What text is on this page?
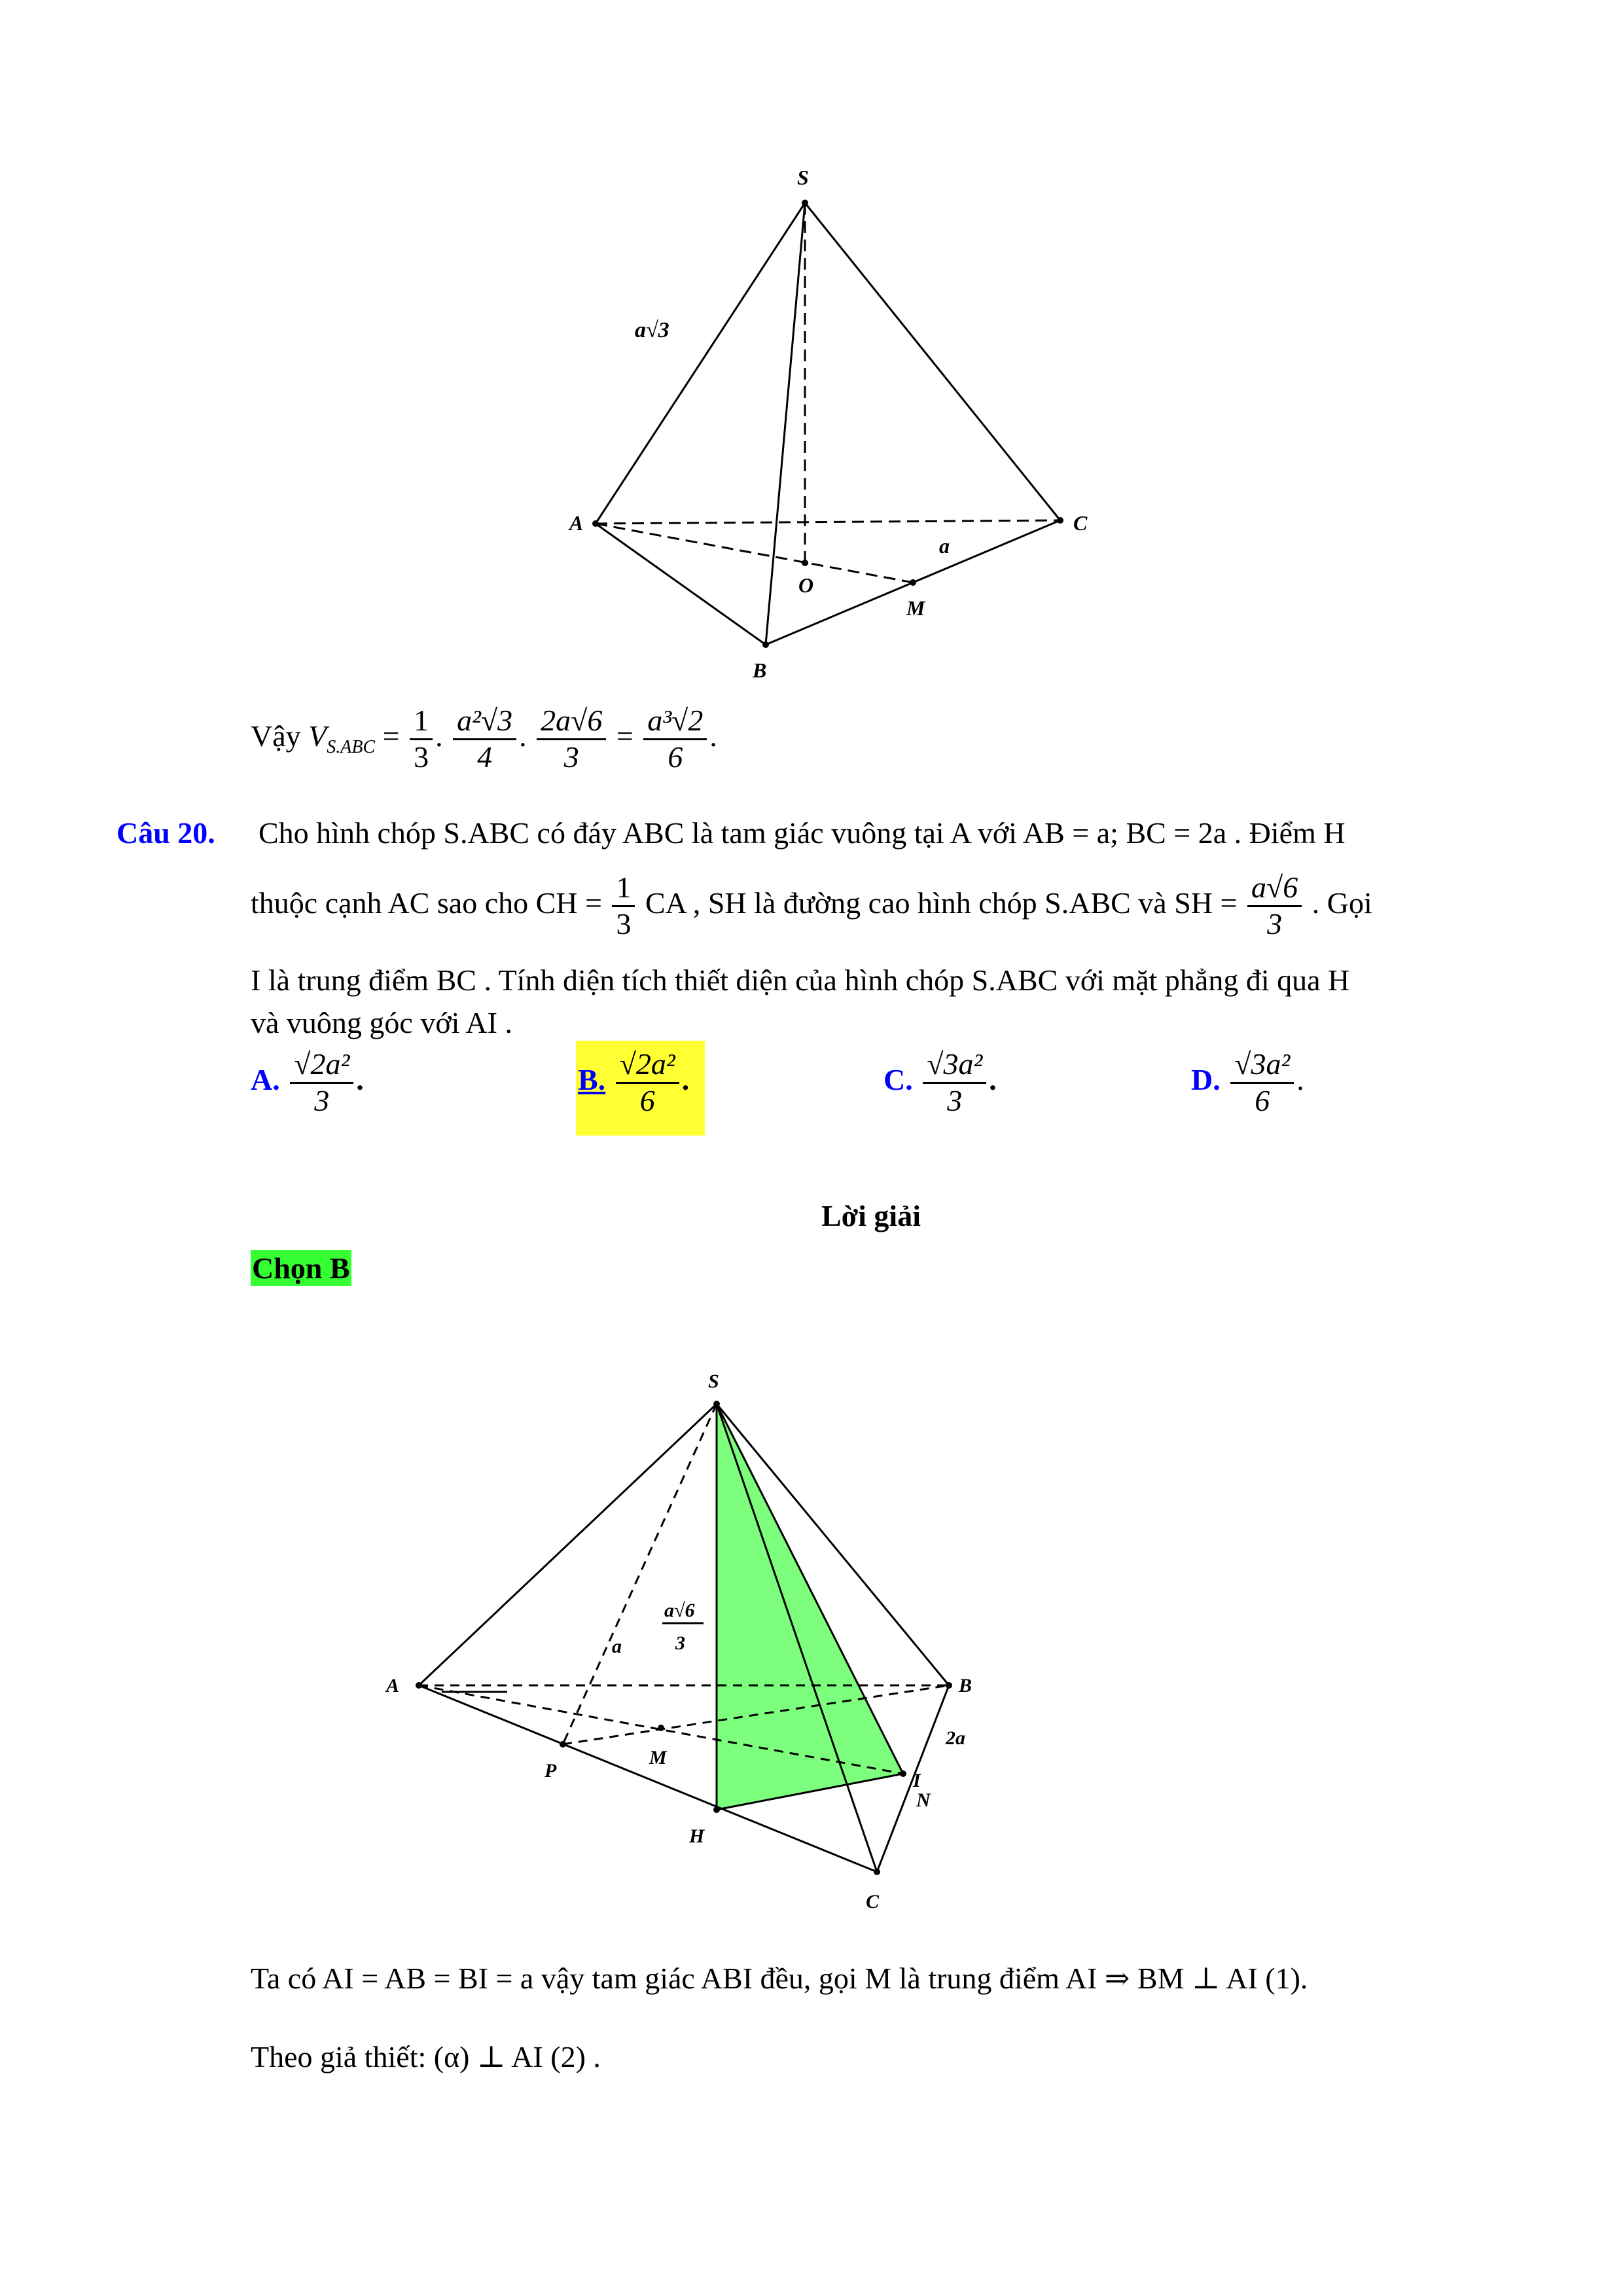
S
A	C
B
O
M
a√3
a
Vậy $V_{S.ABC} = \frac{1}{3}$ . $\frac{\text{a²√3}}{4}$ . $\frac{2a√6}{3} = \frac{\text{a³√2}}{6}$ .
Câu 20. Cho hình chóp S.ABC có đáy ABC là tam giác vuông tại A với AB = a; BC = 2a . Điểm H
thuộc cạnh AC sao cho CH = $\frac{1}{3}$ CA , SH là đường cao hình chóp S.ABC và SH = $\frac{a√6}{3}$ . Gọi
I là trung điểm BC . Tính diện tích thiết diện của hình chóp S.ABC với mặt phẳng đi qua H
và vuông góc với AI .
A. $\frac{\text{√2a²}}{3}$ .	B. $\frac{\text{√2a²}}{6}$ .	C. $\frac{\text{√3a²}}{3}$ .	D. $\frac{\text{√3a²}}{6}$ .
Lời giải
Chọn B
S
A	B
C
H
I
N
M
P
a
2a
a√6
3
Ta có AI = AB = BI = a vậy tam giác ABI đều, gọi M là trung điểm AI ⇒ BM ⊥ AI (1).
Theo giả thiết: (α) ⊥ AI (2) .
